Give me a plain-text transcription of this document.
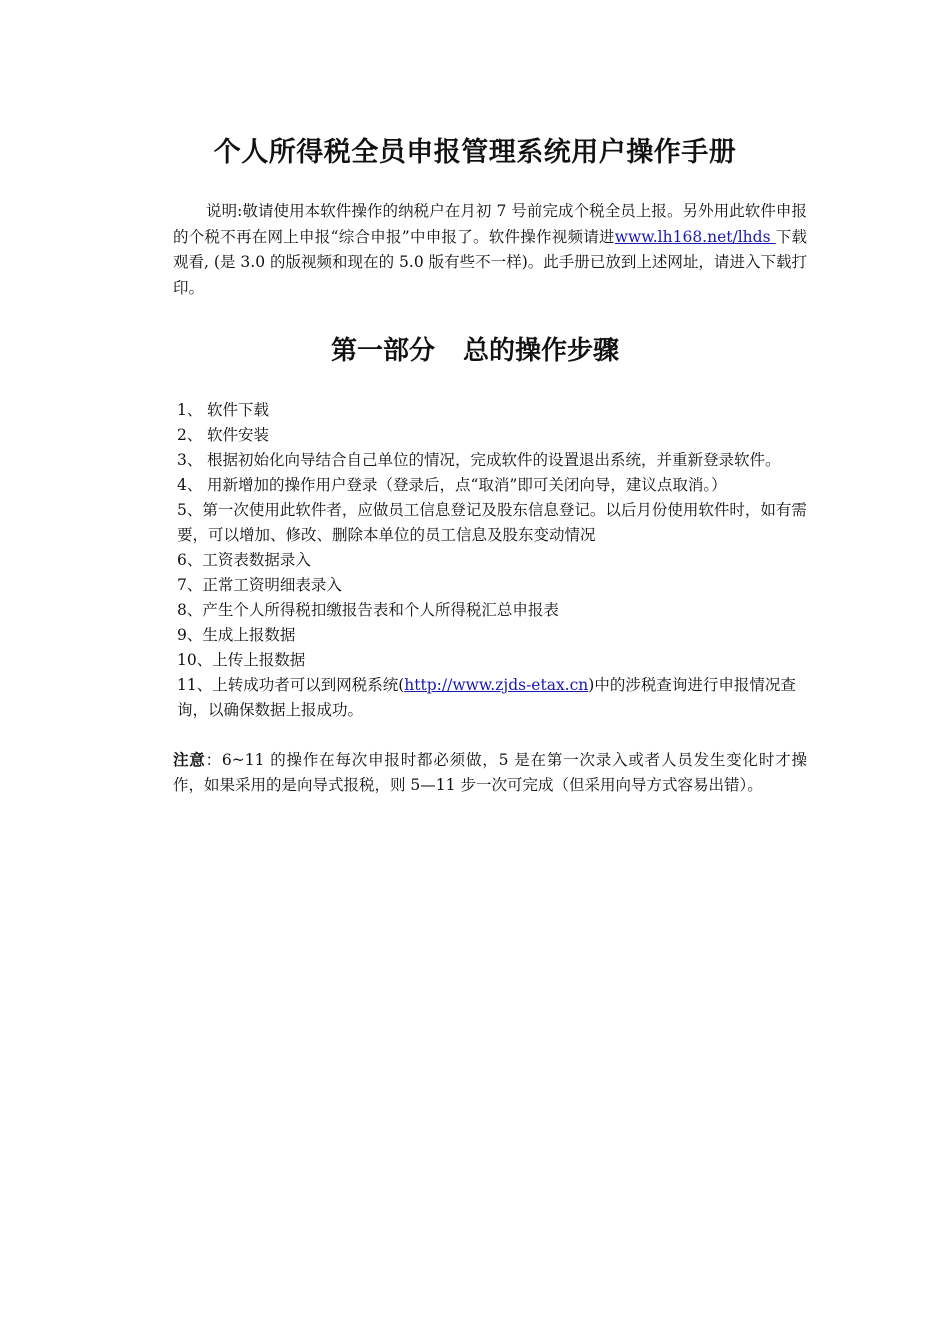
个人所得税全员申报管理系统用户操作手册

说明:敬请使用本软件操作的纳税户在月初 7 号前完成个税全员上报。另外用此软件申报的个税不再在网上申报“综合申报”中申报了。软件操作视频请进www.lh168.net/lhds 下载观看, (是 3.0 的版视频和现在的 5.0 版有些不一样)。此手册已放到上述网址，请进入下载打印。

第一部分 总的操作步骤
1、 软件下载
2、 软件安装
3、 根据初始化向导结合自己单位的情况，完成软件的设置退出系统，并重新登录软件。
4、 用新增加的操作用户登录（登录后，点“取消”即可关闭向导，建议点取消。）
5、第一次使用此软件者，应做员工信息登记及股东信息登记。以后月份使用软件时，如有需要，可以增加、修改、删除本单位的员工信息及股东变动情况
6、工资表数据录入
7、正常工资明细表录入
8、产生个人所得税扣缴报告表和个人所得税汇总申报表
9、生成上报数据
10、上传上报数据
11、上转成功者可以到网税系统(http://www.zjds-etax.cn)中的涉税查询进行申报情况查询，以确保数据上报成功。

注意：6~11 的操作在每次申报时都必须做，5 是在第一次录入或者人员发生变化时才操作，如果采用的是向导式报税，则 5—11 步一次可完成（但采用向导方式容易出错）。
